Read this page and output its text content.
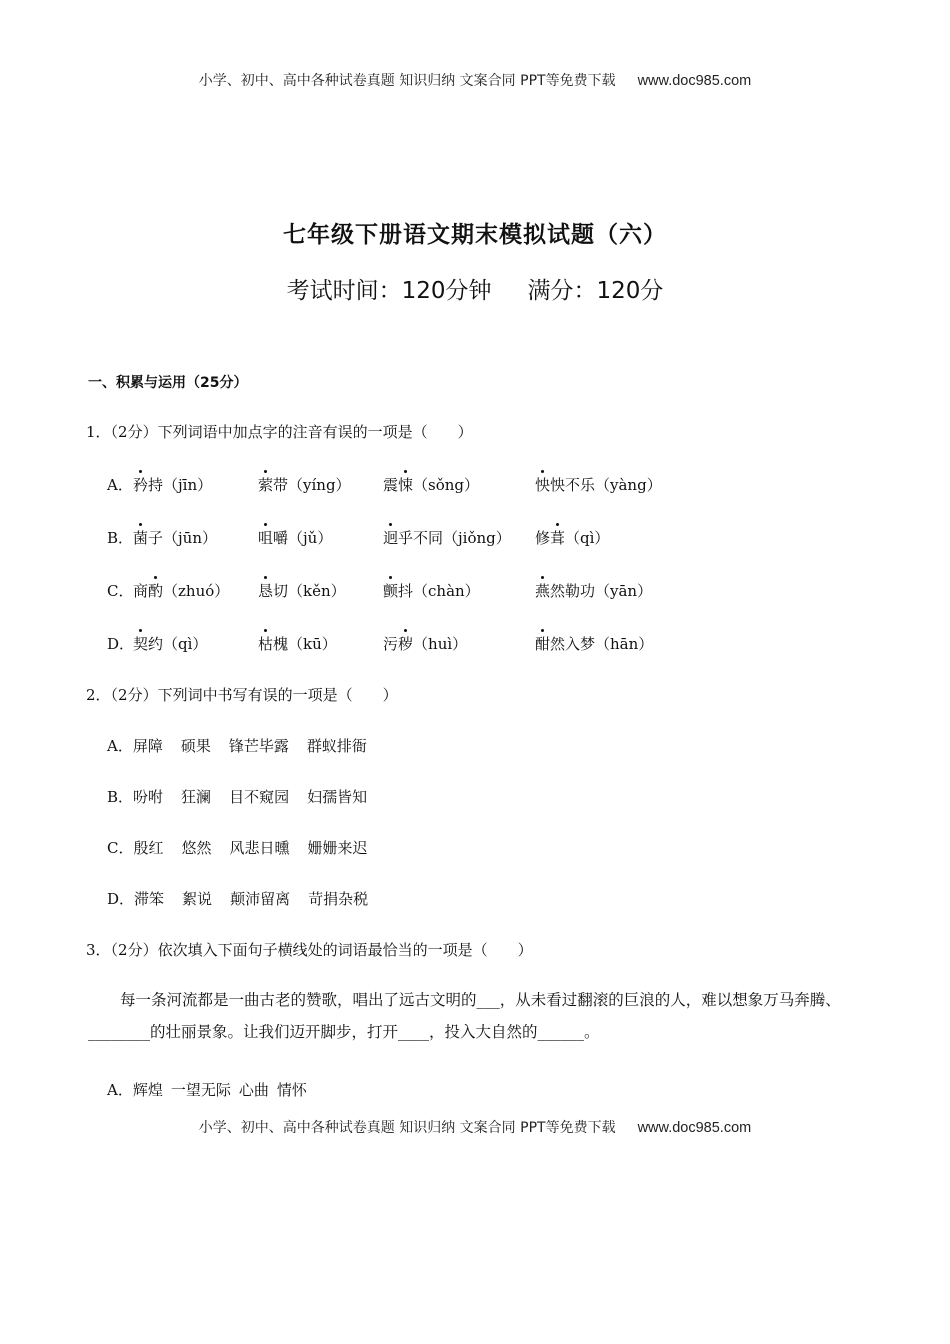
小学、初中、高中各种试卷真题 知识归纳 文案合同 PPT等免费下载 www.doc985.com
七年级下册语文期末模拟试题（六）
考试时间：120分钟 满分：120分
一、积累与运用（25分）
1．（2分）下列词语中加点字的注音有误的一项是（　　）
A． 矜持（jīn）	萦带（yíng） 震悚（sǒng）	怏怏不乐（yàng）
B． 菌子（jūn）	咀嚼（jǔ）	迥乎不同（jiǒng） 修葺（qì）
C． 商酌（zhuó） 恳切（kěn） 颤抖（chàn）	燕然勒功（yān）
D．
契约（qì）	枯槐（kū）	污秽（huì）	酣然入梦（hān）
2．（2分）下列词中书写有误的一项是（　　）
A．屏障 硕果 锋芒毕露 群蚁排衙
B．吩咐 狂澜 目不窥园 妇孺皆知
C．殷红 悠然 风悲日曛 姗姗来迟
D．滞笨 絮说 颠沛留离 苛捐杂税
3．（2分）依次填入下面句子横线处的词语最恰当的一项是（　　）
每一条河流都是一曲古老的赞歌，唱出了远古文明的___，从未看过翻滚的巨浪的人，难以想象万马奔腾、________的壮丽景象。让我们迈开脚步，打开____，投入大自然的______。
A．辉煌 一望无际 心曲 情怀
小学、初中、高中各种试卷真题 知识归纳 文案合同 PPT等免费下载 www.doc985.com
